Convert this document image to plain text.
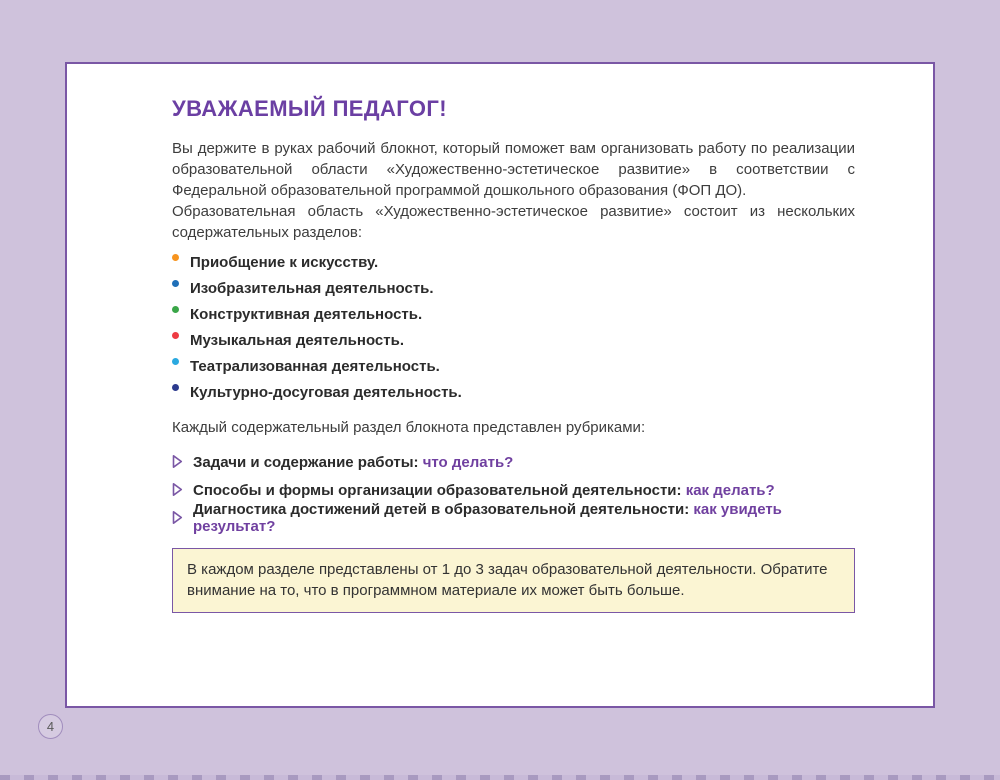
УВАЖАЕМЫЙ ПЕДАГОГ!

Вы держите в руках рабочий блокнот, который поможет вам организовать работу по реализации образовательной области «Художественно-эстетическое развитие» в соответствии с Федеральной образовательной программой дошкольного образования (ФОП ДО).

Образовательная область «Художественно-эстетическое развитие» состоит из нескольких содержательных разделов:

Приобщение к искусству.
Изобразительная деятельность.
Конструктивная деятельность.
Музыкальная деятельность.
Театрализованная деятельность.
Культурно-досуговая деятельность.

Каждый содержательный раздел блокнота представлен рубриками:

Задачи и содержание работы: что делать?
Способы и формы организации образовательной деятельности: как делать?
Диагностика достижений детей в образовательной деятельности: как увидеть результат?

В каждом разделе представлены от 1 до 3 задач образовательной деятельности. Обратите внимание на то, что в программном материале их может быть больше.

4
